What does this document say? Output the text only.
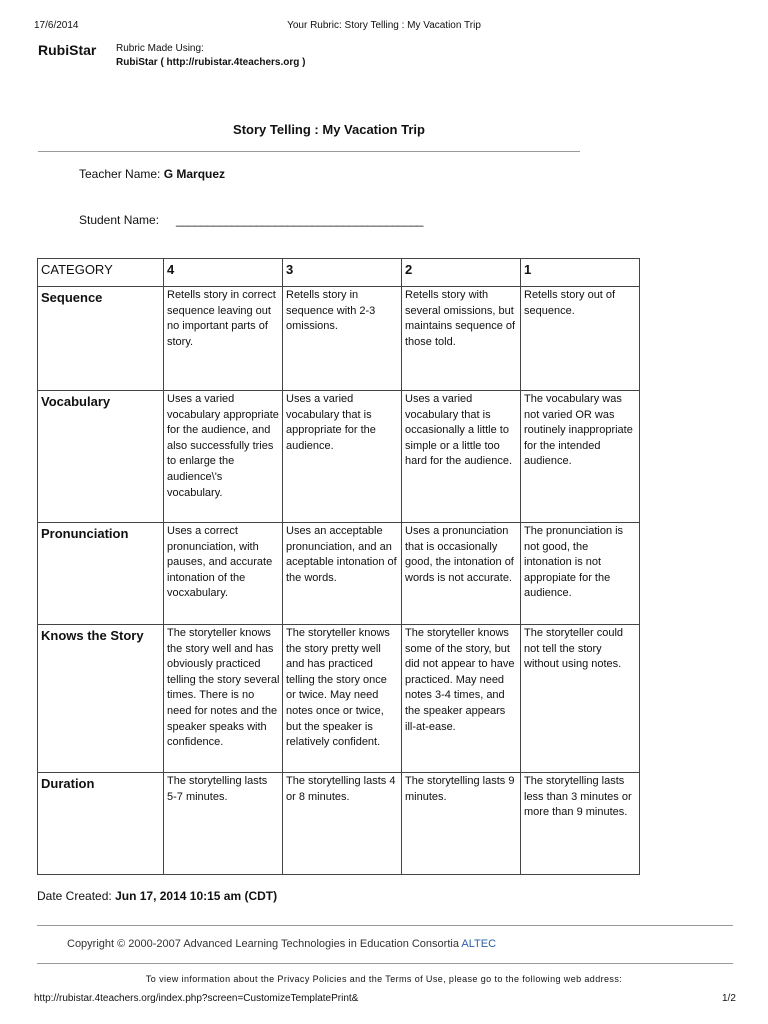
17/6/2014	Your Rubric: Story Telling : My Vacation Trip
RubiStar Rubric Made Using:
RubiStar ( http://rubistar.4teachers.org )
Story Telling : My Vacation Trip
Teacher Name: G Marquez
Student Name: ________________________________________
CATEGORY	4	3	2	1
Sequence	Retells story in correct sequence leaving out no important parts of story.	Retells story in sequence with 2-3 omissions.	Retells story with several omissions, but maintains sequence of those told.	Retells story out of sequence.
Vocabulary	Uses a varied vocabulary appropriate for the audience, and also successfully tries to enlarge the audience\'s vocabulary.	Uses a varied vocabulary that is appropriate for the audience.	Uses a varied vocabulary that is occasionally a little to simple or a little too hard for the audience.	The vocabulary was not varied OR was routinely inappropriate for the intended audience.
Pronunciation	Uses a correct pronunciation, with pauses, and accurate intonation of the vocxabulary.	Uses an acceptable pronunciation, and an aceptable intonation of the words.	Uses a pronunciation that is occasionally good, the intonation of words is not accurate.	The pronunciation is not good, the intonation is not appropiate for the audience.
Knows the Story	The storyteller knows the story well and has obviously practiced telling the story several times. There is no need for notes and the speaker speaks with confidence.	The storyteller knows the story pretty well and has practiced telling the story once or twice. May need notes once or twice, but the speaker is relatively confident.	The storyteller knows some of the story, but did not appear to have practiced. May need notes 3-4 times, and the speaker appears ill-at-ease.	The storyteller could not tell the story without using notes.
Duration	The storytelling lasts 5-7 minutes.	The storytelling lasts 4 or 8 minutes.	The storytelling lasts 9 minutes.	The storytelling lasts less than 3 minutes or more than 9 minutes.
Date Created: Jun 17, 2014 10:15 am (CDT)
Copyright © 2000-2007 Advanced Learning Technologies in Education Consortia ALTEC
To view information about the Privacy Policies and the Terms of Use, please go to the following web address:
http://rubistar.4teachers.org/index.php?screen=CustomizeTemplatePrint&	1/2
